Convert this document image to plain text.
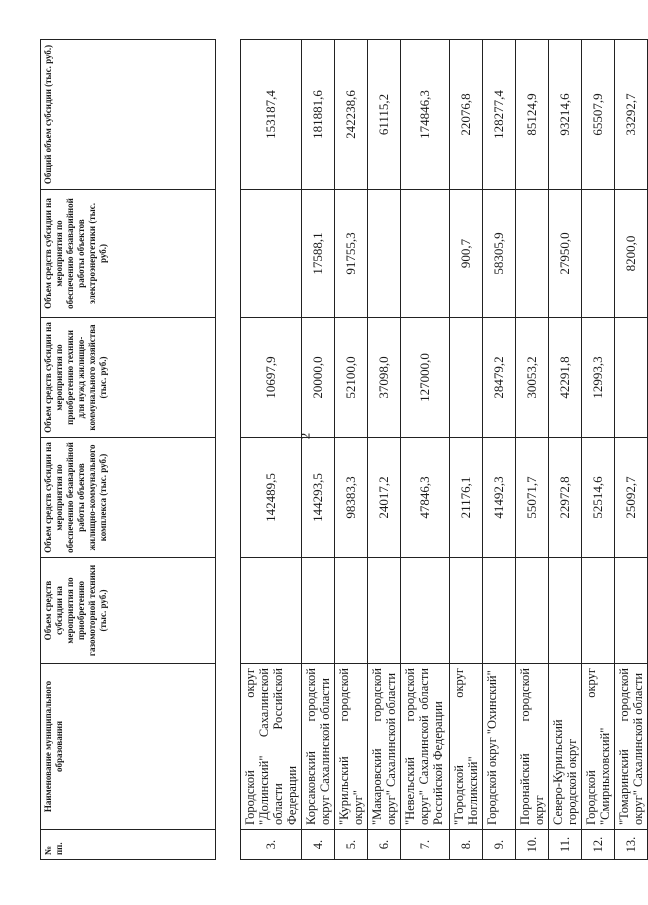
2
№ пп.	Наименование муниципального образования	Объем средств субсидии на мероприятия по приобретению газомоторной техники (тыс. руб.)	Объем средств субсидии на мероприятия по обеспечению безаварийной работы объектов жилищно-коммунального комплекса (тыс. руб.)	Объем средств субсидии на мероприятия по приобретению техники для нужд жилищно-коммунального хозяйства (тыс. руб.)	Объем средств субсидии на мероприятия по обеспечению безаварийной работы объектов электроэнергетики (тыс. руб.)	Общий объем субсидии (тыс. руб.)

3.	Городской округ "Долинский" Сахалинской области Российской Федерации		142489,5	10697,9		153187,4
4.	Корсаковский городской округ Сахалинской области		144293,5	20000,0	17588,1	181881,6
5.	"Курильский городской округ"		98383,3	52100,0	91755,3	242238,6
6.	"Макаровский городской округ" Сахалинской области		24017,2	37098,0		61115,2
7.	"Невельский городской округ" Сахалинской области Российской Федерации		47846,3	127000,0		174846,3
8.	"Городской округ Ногликский"		21176,1		900,7	22076,8
9.	Городской округ "Охинский"		41492,3	28479,2	58305,9	128277,4
10.	Поронайский городской округ		55071,7	30053,2		85124,9
11.	Северо-Курильский городской округ		22972,8	42291,8	27950,0	93214,6
12.	Городской округ "Смирныховский"		52514,6	12993,3		65507,9
13.	"Томаринский городской округ" Сахалинской области		25092,7		8200,0	33292,7
